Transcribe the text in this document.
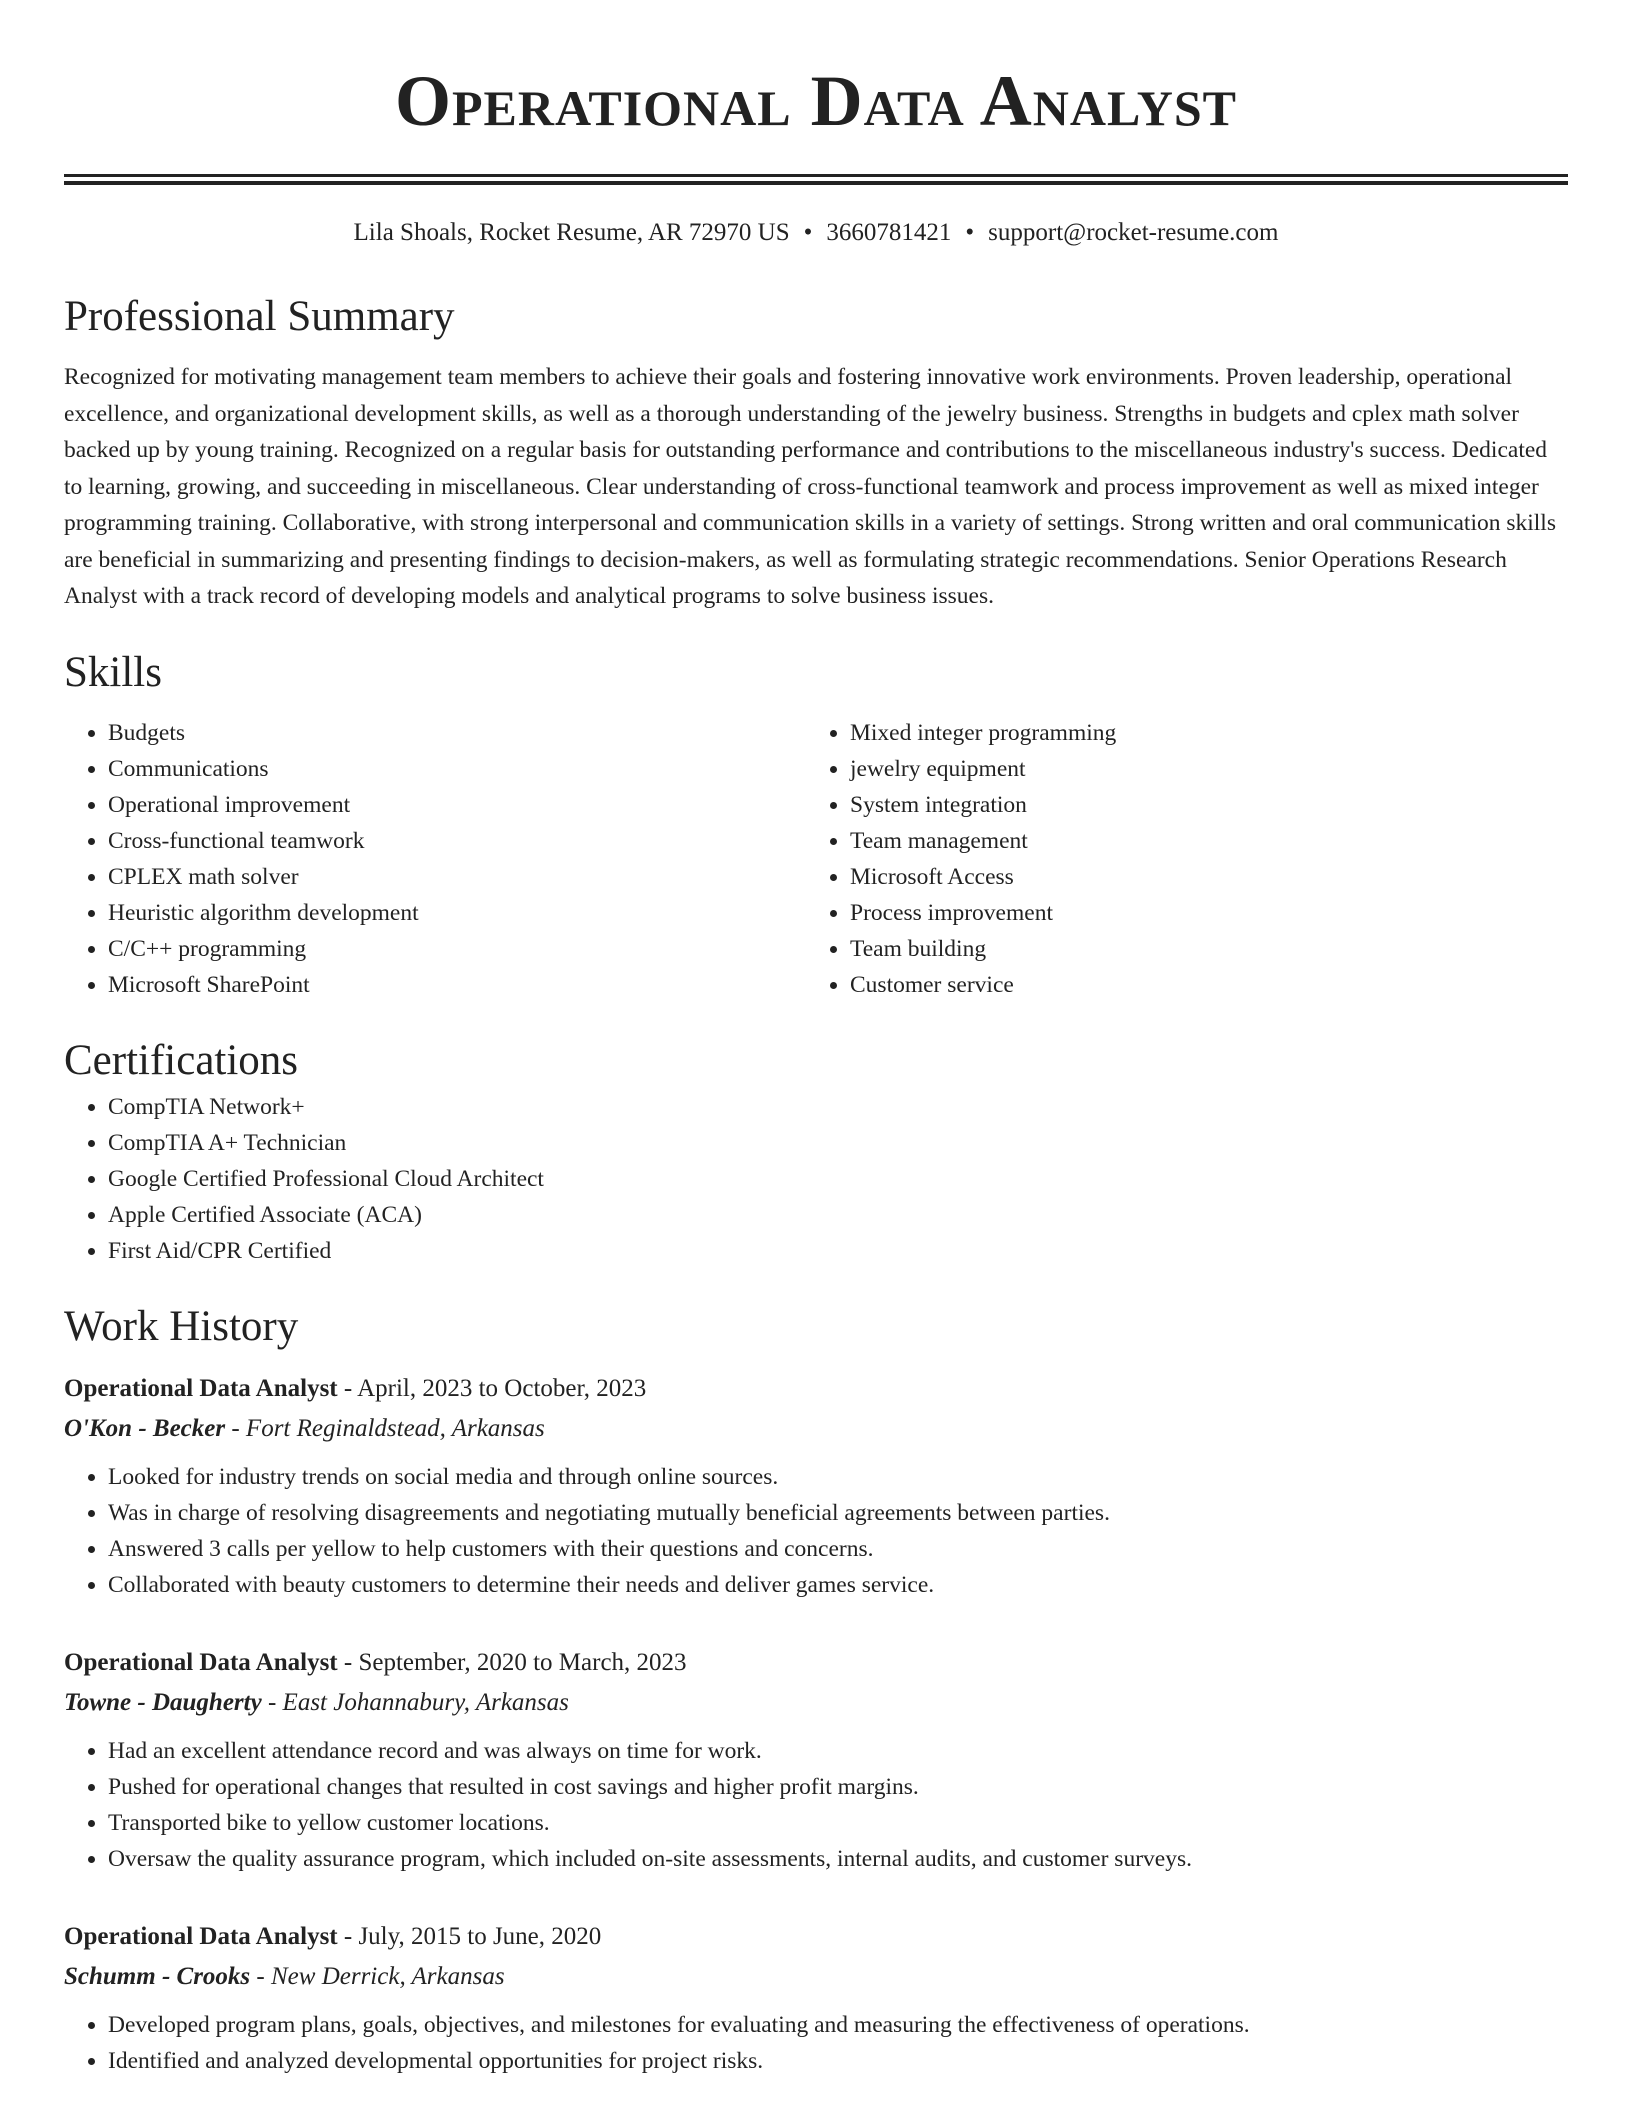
Operational Data Analyst
Lila Shoals, Rocket Resume, AR 72970 US • 3660781421 • support@rocket-resume.com
Professional Summary

Recognized for motivating management team members to achieve their goals and fostering innovative work environments. Proven leadership, operational excellence, and organizational development skills, as well as a thorough understanding of the jewelry business. Strengths in budgets and cplex math solver backed up by young training. Recognized on a regular basis for outstanding performance and contributions to the miscellaneous industry's success. Dedicated to learning, growing, and succeeding in miscellaneous. Clear understanding of cross-functional teamwork and process improvement as well as mixed integer programming training. Collaborative, with strong interpersonal and communication skills in a variety of settings. Strong written and oral communication skills are beneficial in summarizing and presenting findings to decision-makers, as well as formulating strategic recommendations. Senior Operations Research Analyst with a track record of developing models and analytical programs to solve business issues.

Skills
• Budgets
• Communications
• Operational improvement
• Cross-functional teamwork
• CPLEX math solver
• Heuristic algorithm development
• C/C++ programming
• Microsoft SharePoint
• Mixed integer programming
• jewelry equipment
• System integration
• Team management
• Microsoft Access
• Process improvement
• Team building
• Customer service
Certifications
• CompTIA Network+
• CompTIA A+ Technician
• Google Certified Professional Cloud Architect
• Apple Certified Associate (ACA)
• First Aid/CPR Certified
Work History
Operational Data Analyst - April, 2023 to October, 2023
O'Kon - Becker - Fort Reginaldstead, Arkansas
• Looked for industry trends on social media and through online sources.
• Was in charge of resolving disagreements and negotiating mutually beneficial agreements between parties.
• Answered 3 calls per yellow to help customers with their questions and concerns.
• Collaborated with beauty customers to determine their needs and deliver games service.
Operational Data Analyst - September, 2020 to March, 2023
Towne - Daugherty - East Johannabury, Arkansas
• Had an excellent attendance record and was always on time for work.
• Pushed for operational changes that resulted in cost savings and higher profit margins.
• Transported bike to yellow customer locations.
• Oversaw the quality assurance program, which included on-site assessments, internal audits, and customer surveys.
Operational Data Analyst - July, 2015 to June, 2020
Schumm - Crooks - New Derrick, Arkansas
• Developed program plans, goals, objectives, and milestones for evaluating and measuring the effectiveness of operations.
• Identified and analyzed developmental opportunities for project risks.
